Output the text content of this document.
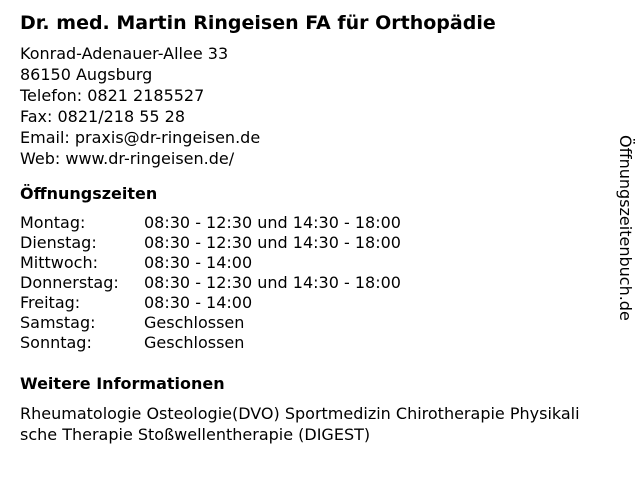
Dr. med. Martin Ringeisen FA für Orthopädie
Konrad-Adenauer-Allee 33
86150 Augsburg
Telefon: 0821 2185527
Fax: 0821/218 55 28
Email: praxis@dr-ringeisen.de
Web: www.dr-ringeisen.de/
Öffnungszeiten
Montag:	08:30 - 12:30 und 14:30 - 18:00
Dienstag:	08:30 - 12:30 und 14:30 - 18:00
Mittwoch:	08:30 - 14:00
Donnerstag:	08:30 - 12:30 und 14:30 - 18:00
Freitag:	08:30 - 14:00
Samstag:	Geschlossen
Sonntag:	Geschlossen
Weitere Informationen
Rheumatologie Osteologie(DVO) Sportmedizin Chirotherapie Physikali
sche Therapie Stoßwellentherapie (DIGEST)
Öffnungszeitenbuch.de
